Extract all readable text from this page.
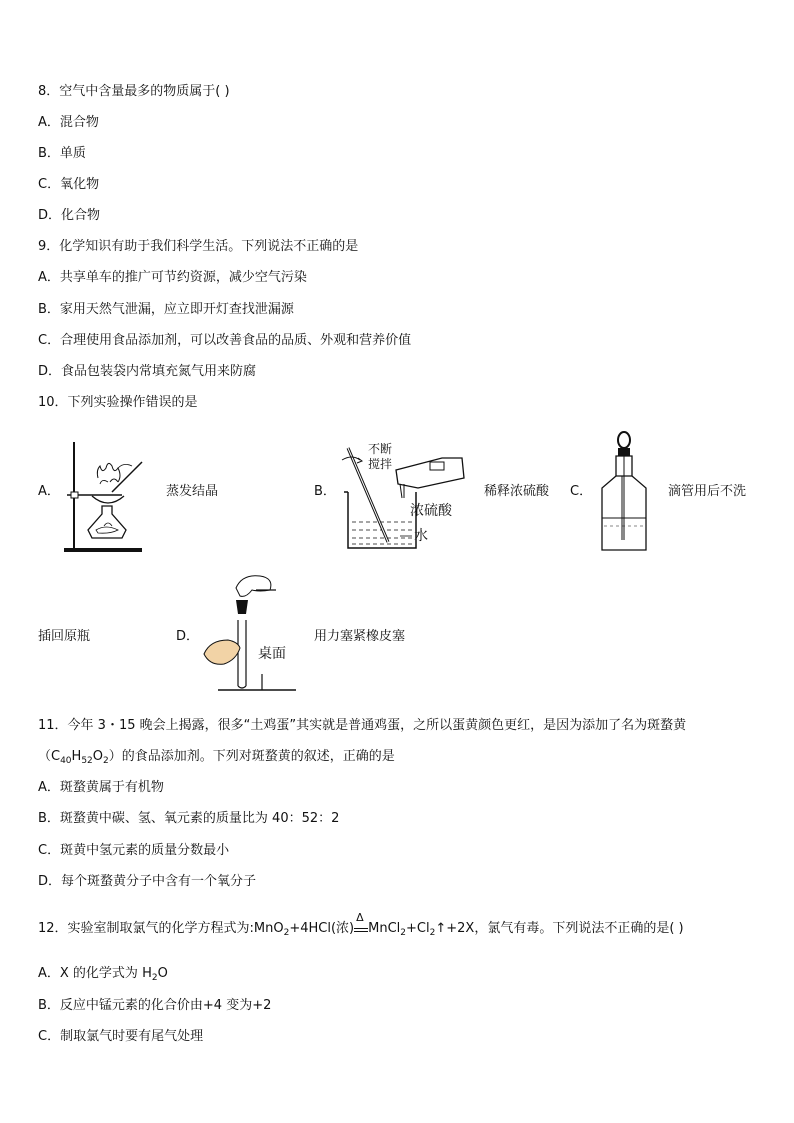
8．空气中含量最多的物质属于( )
A．混合物
B．单质
C．氧化物
D．化合物
9．化学知识有助于我们科学生活。下列说法不正确的是
A．共享单车的推广可节约资源，减少空气污染
B．家用天然气泄漏，应立即开灯查找泄漏源
C．合理使用食品添加剂，可以改善食品的品质、外观和营养价值
D．食品包装袋内常填充氮气用来防腐
10．下列实验操作错误的是
A．	蒸发结晶	B．
不断
搅拌
浓硫酸
水
稀释浓硫酸 C．	滴管用后不洗
插回原瓶	D．
桌面
用力塞紧橡皮塞
11．今年 3・15 晚会上揭露，很多“土鸡蛋”其实就是普通鸡蛋，之所以蛋黄颜色更红，是因为添加了名为斑蝥黄
$(C_{40}H_{52}O_2)$的食品添加剂。下列对斑蝥黄的叙述，正确的是
A．斑蝥黄属于有机物
B．斑蝥黄中碳、氢、氧元素的质量比为 40：52：2
C．斑黄中氢元素的质量分数最小
D．每个斑蝥黄分子中含有一个氧分子
12．实验室制取氯气的化学方程式为:MnO$_2$+4HCl(浓)
Δ
$MnCl_2+Cl_2↑+2X$，氯气有毒。下列说法不正确的是( )
A．X 的化学式为 $H_2O$
B．反应中锰元素的化合价由+4 变为+2
C．制取氯气时要有尾气处理
